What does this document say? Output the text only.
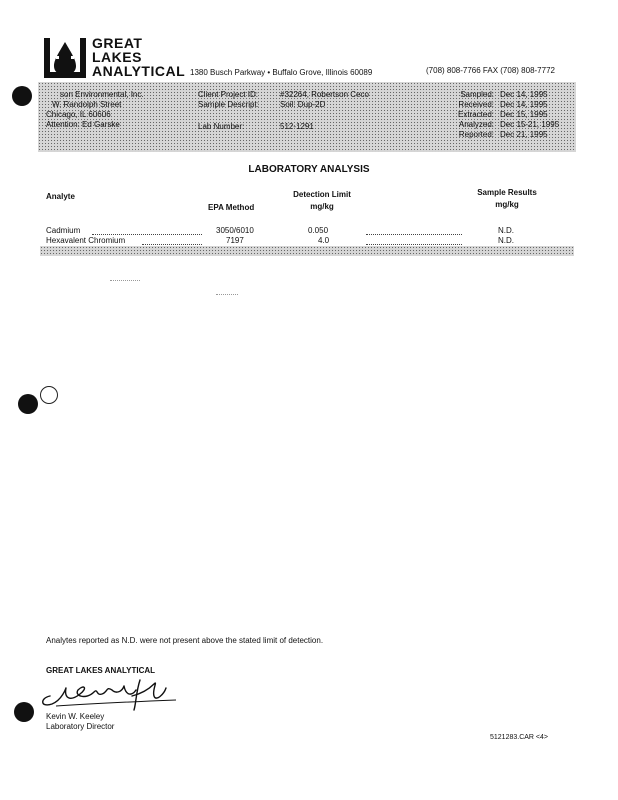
GREAT
LAKES
ANALYTICAL 1380 Busch Parkway • Buffalo Grove, Illinois 60089	(708) 808-7766 FAX (708) 808-7772
son Environmental, Inc.
W. Randolph Street
Chicago, IL 60606
Attention: Ed Garske
Client Project ID:	#32264, Robertson Ceco
Sample Descript:	Soil: Dup-2D
Lab Number:	512-1291
Sampled: Dec 14, 1995
Received: Dec 14, 1995
Extracted: Dec 15, 1995
Analyzed: Dec 15-21, 1995
Reported: Dec 21, 1995
LABORATORY ANALYSIS
Analyte
EPA Method
Detection Limit
mg/kg
Sample Results
mg/kg
Cadmium	3050/6010	0.050	N.D.
Hexavalent Chromium	7197	4.0	N.D.
Analytes reported as N.D. were not present above the stated limit of detection.
GREAT LAKES ANALYTICAL
Kevin W. Keeley
Laboratory Director
5121283.CAR <4>
